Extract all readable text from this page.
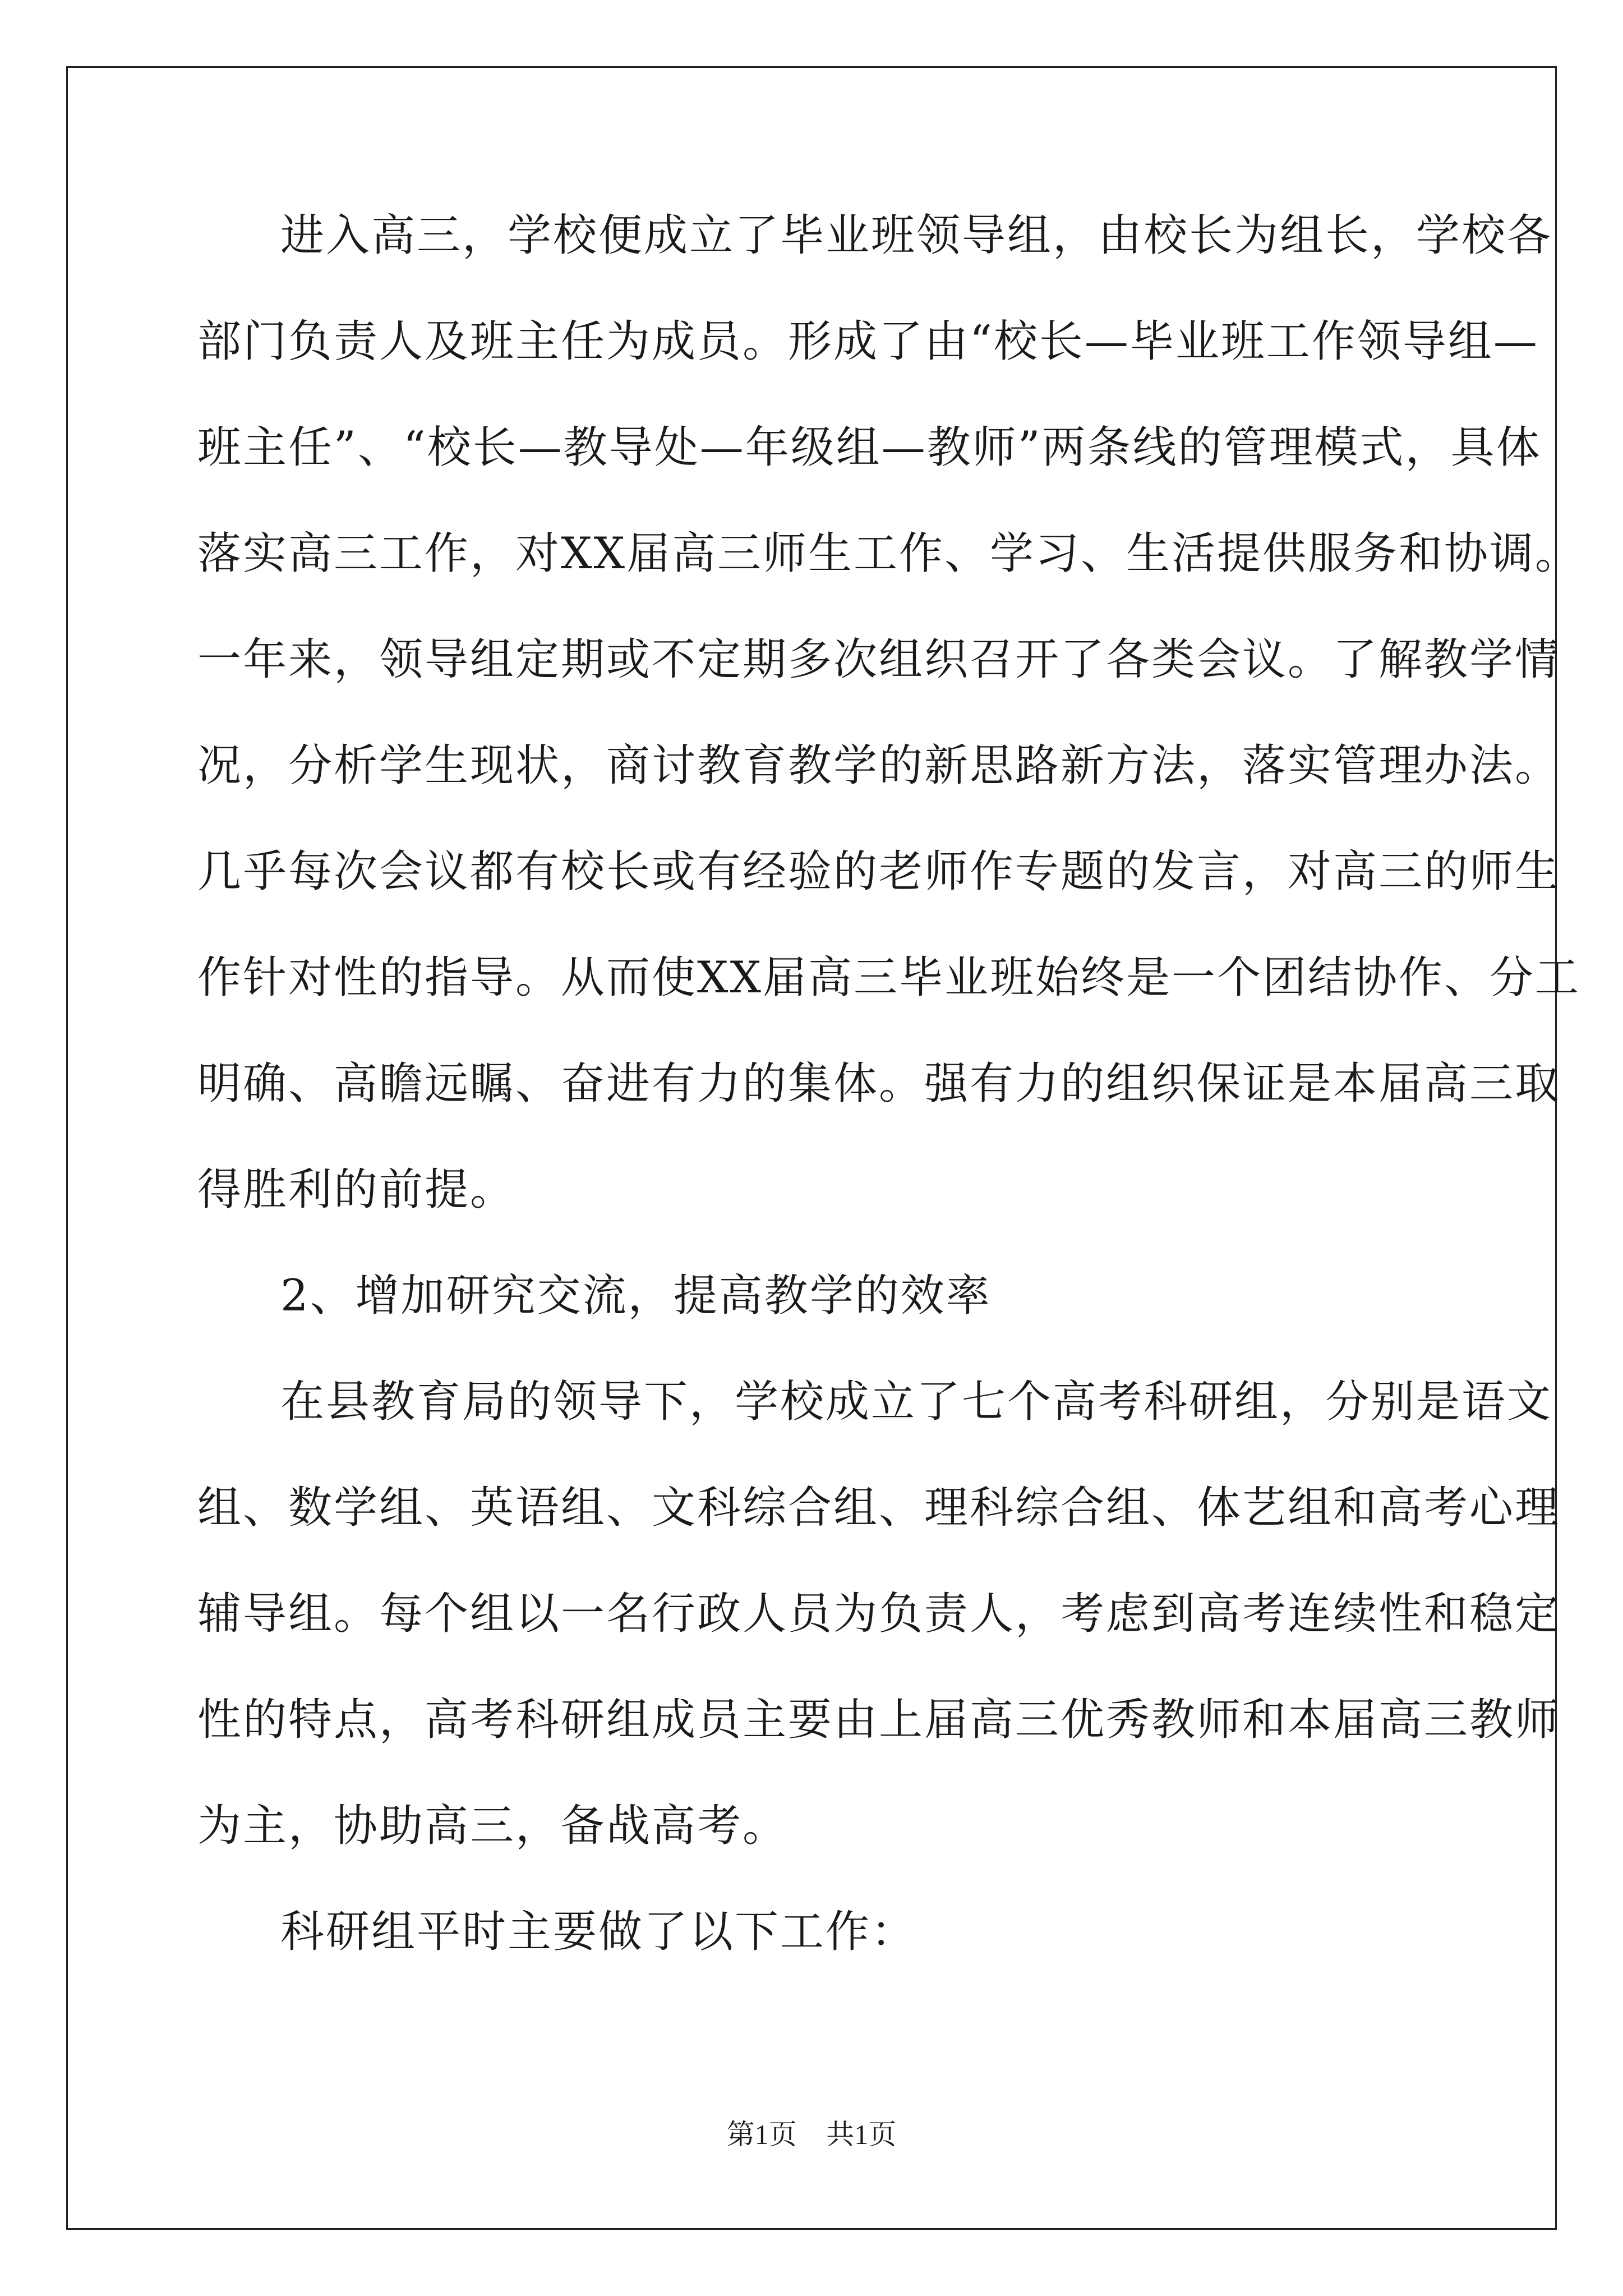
进入高三，学校便成立了毕业班领导组，由校长为组长，学校各
部门负责人及班主任为成员。形成了由“校长—毕业班工作领导组—
班主任”、“校长—教导处—年级组—教师”两条线的管理模式，具体
落实高三工作，对XX届高三师生工作、学习、生活提供服务和协调。
一年来，领导组定期或不定期多次组织召开了各类会议。了解教学情
况，分析学生现状，商讨教育教学的新思路新方法，落实管理办法。
几乎每次会议都有校长或有经验的老师作专题的发言，对高三的师生
作针对性的指导。从而使XX届高三毕业班始终是一个团结协作、分工
明确、高瞻远瞩、奋进有力的集体。强有力的组织保证是本届高三取
得胜利的前提。
2、增加研究交流，提高教学的效率
在县教育局的领导下，学校成立了七个高考科研组，分别是语文
组、数学组、英语组、文科综合组、理科综合组、体艺组和高考心理
辅导组。每个组以一名行政人员为负责人，考虑到高考连续性和稳定
性的特点，高考科研组成员主要由上届高三优秀教师和本届高三教师
为主，协助高三，备战高考。
科研组平时主要做了以下工作：
第1页 共1页
